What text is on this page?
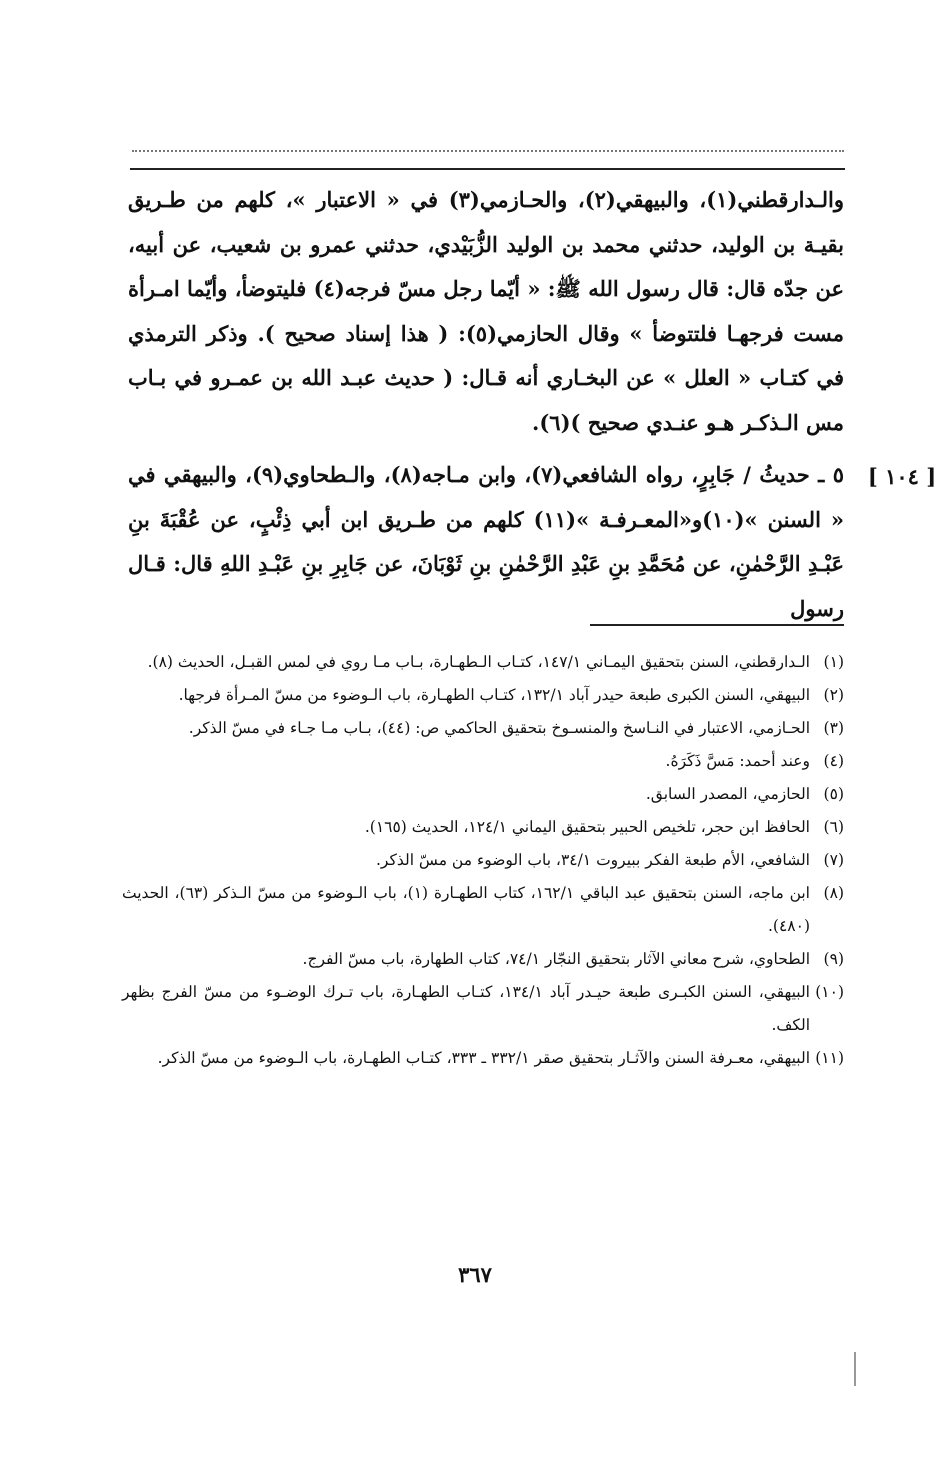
والـدارقطني(١)، والبيهقي(٢)، والحـازمي(٣) في « الاعتبار »، كلهم من طـريق بقيـة بن الوليد، حدثني محمد بن الوليد الزُّبَيْدي، حدثني عمرو بن شعيب، عن أبيه، عن جدّه قال: قال رسول الله ﷺ: « أيّما رجل مسّ فرجه(٤) فليتوضأ، وأيّما امـرأة مست فرجهـا فلتتوضأ » وقال الحازمي(٥): ( هذا إسناد صحيح ). وذكر الترمذي في كتـاب « العلل » عن البخـاري أنه قـال: ( حديث عبـد الله بن عمـرو في بـاب مس الـذكـر هـو عنـدي صحيح )(٦).

٥ ـ حديثُ / جَابِرٍ، رواه الشافعي(٧)، وابن مـاجه(٨)، والـطحاوي(٩)، والبيهقي في « السنن »(١٠)و«المعـرفـة »(١١) كلهم من طـريق ابن أبي ذِئْبٍ، عن عُقْبَةَ بنِ عَبْـدِ الرَّحْمٰنِ، عن مُحَمَّدِ بنِ عَبْدِ الرَّحْمٰنِ بنِ ثَوْبَانَ، عن جَابِرِ بنِ عَبْـدِ اللهِ قال: قـال رسول

[ ١٠٤ ]

(١)
الـدارقطني، السنن بتحقيق اليمـاني ١٤٧/١، كتـاب الـطهـارة، بـاب مـا روي في لمس القبـل، الحديث (٨).

(٢)
البيهقي، السنن الكبرى طبعة حيدر آباد ١٣٢/١، كتـاب الطهـارة، باب الـوضوء من مسّ المـرأة فرجها.

(٣)
الحـازمي، الاعتبار في النـاسخ والمنسـوخ بتحقيق الحاكمي ص: (٤٤)، بـاب مـا جـاء في مسّ الذكر.

(٤)
وعند أحمد: مَسَّ ذَكَرَهُ.

(٥)
الحازمي، المصدر السابق.

(٦)
الحافظ ابن حجر، تلخيص الحبير بتحقيق اليماني ١٢٤/١، الحديث (١٦٥).

(٧)
الشافعي، الأم طبعة الفكر ببيروت ٣٤/١، باب الوضوء من مسّ الذكر.

(٨)
ابن ماجه، السنن بتحقيق عبد الباقي ١٦٢/١، كتاب الطهـارة (١)، باب الـوضوء من مسّ الـذكر (٦٣)، الحديث (٤٨٠).

(٩)
الطحاوي، شرح معاني الآثار بتحقيق النجّار ٧٤/١، كتاب الطهارة، باب مسّ الفرج.

(١٠)
البيهقي، السنن الكبـرى طبعة حيـدر آباد ١٣٤/١، كتـاب الطهـارة، باب تـرك الوضـوء من مسّ الفرج بظهر الكف.

(١١)
البيهقي، معـرفة السنن والآثـار بتحقيق صقر ٣٣٢/١ ـ ٣٣٣، كتـاب الطهـارة، باب الـوضوء من مسّ الذكر.

٣٦٧
